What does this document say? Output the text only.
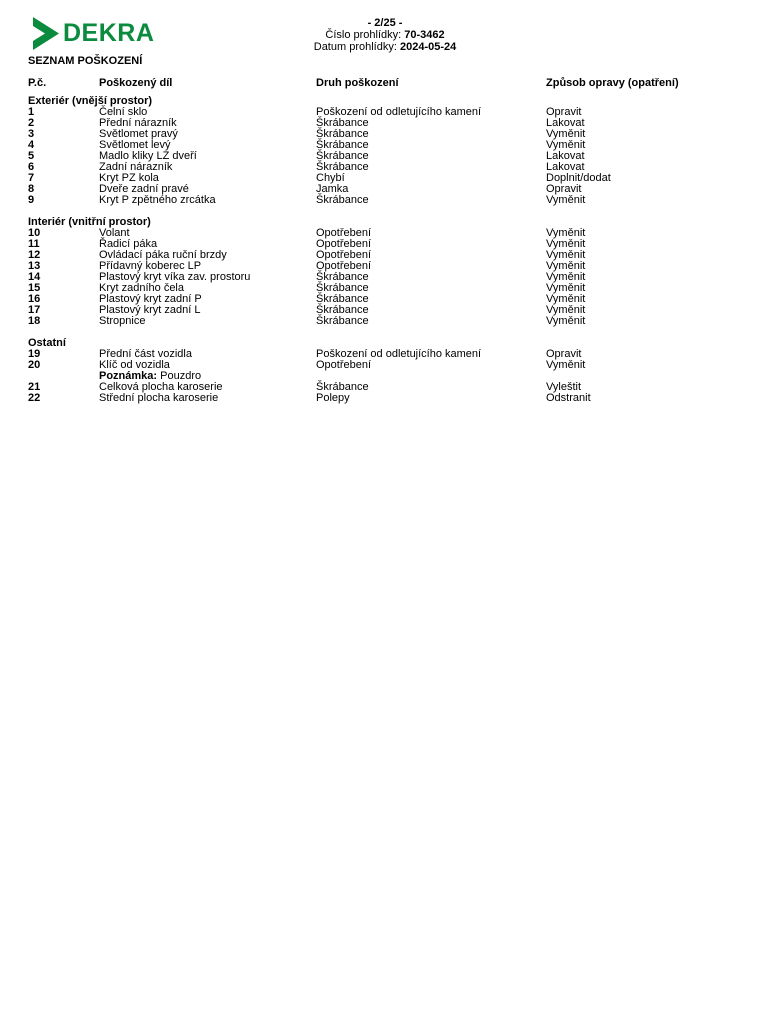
DEKRA	- 2/25 -
Číslo prohlídky: 70-3462
Datum prohlídky: 2024-05-24
SEZNAM POŠKOZENÍ
P.č.	Poškozený díl	Druh poškození	Způsob opravy (opatření)
Exteriér (vnější prostor)
1	Čelní sklo	Poškození od odletujícího kamení	Opravit
2	Přední nárazník	Škrábance	Lakovat
3	Světlomet pravý	Škrábance	Vyměnit
4	Světlomet levý	Škrábance	Vyměnit
5	Madlo kliky LZ dveří	Škrábance	Lakovat
6	Zadní nárazník	Škrábance	Lakovat
7	Kryt PZ kola	Chybí	Doplnit/dodat
8	Dveře zadní pravé	Jamka	Opravit
9	Kryt P zpětného zrcátka	Škrábance	Vyměnit
Interiér (vnitřní prostor)
10	Volant	Opotřebení	Vyměnit
11	Řadicí páka	Opotřebení	Vyměnit
12	Ovládací páka ruční brzdy	Opotřebení	Vyměnit
13	Přídavný koberec LP	Opotřebení	Vyměnit
14	Plastový kryt víka zav. prostoru	Škrábance	Vyměnit
15	Kryt zadního čela	Škrábance	Vyměnit
16	Plastový kryt zadní P	Škrábance	Vyměnit
17	Plastový kryt zadní L	Škrábance	Vyměnit
18	Stropnice	Škrábance	Vyměnit
Ostatní
19	Přední část vozidla	Poškození od odletujícího kamení	Opravit
20	Klíč od vozidla	Opotřebení	Vyměnit
Poznámka: Pouzdro
21	Celková plocha karoserie	Škrábance	Vyleštit
22	Střední plocha karoserie	Polepy	Odstranit
